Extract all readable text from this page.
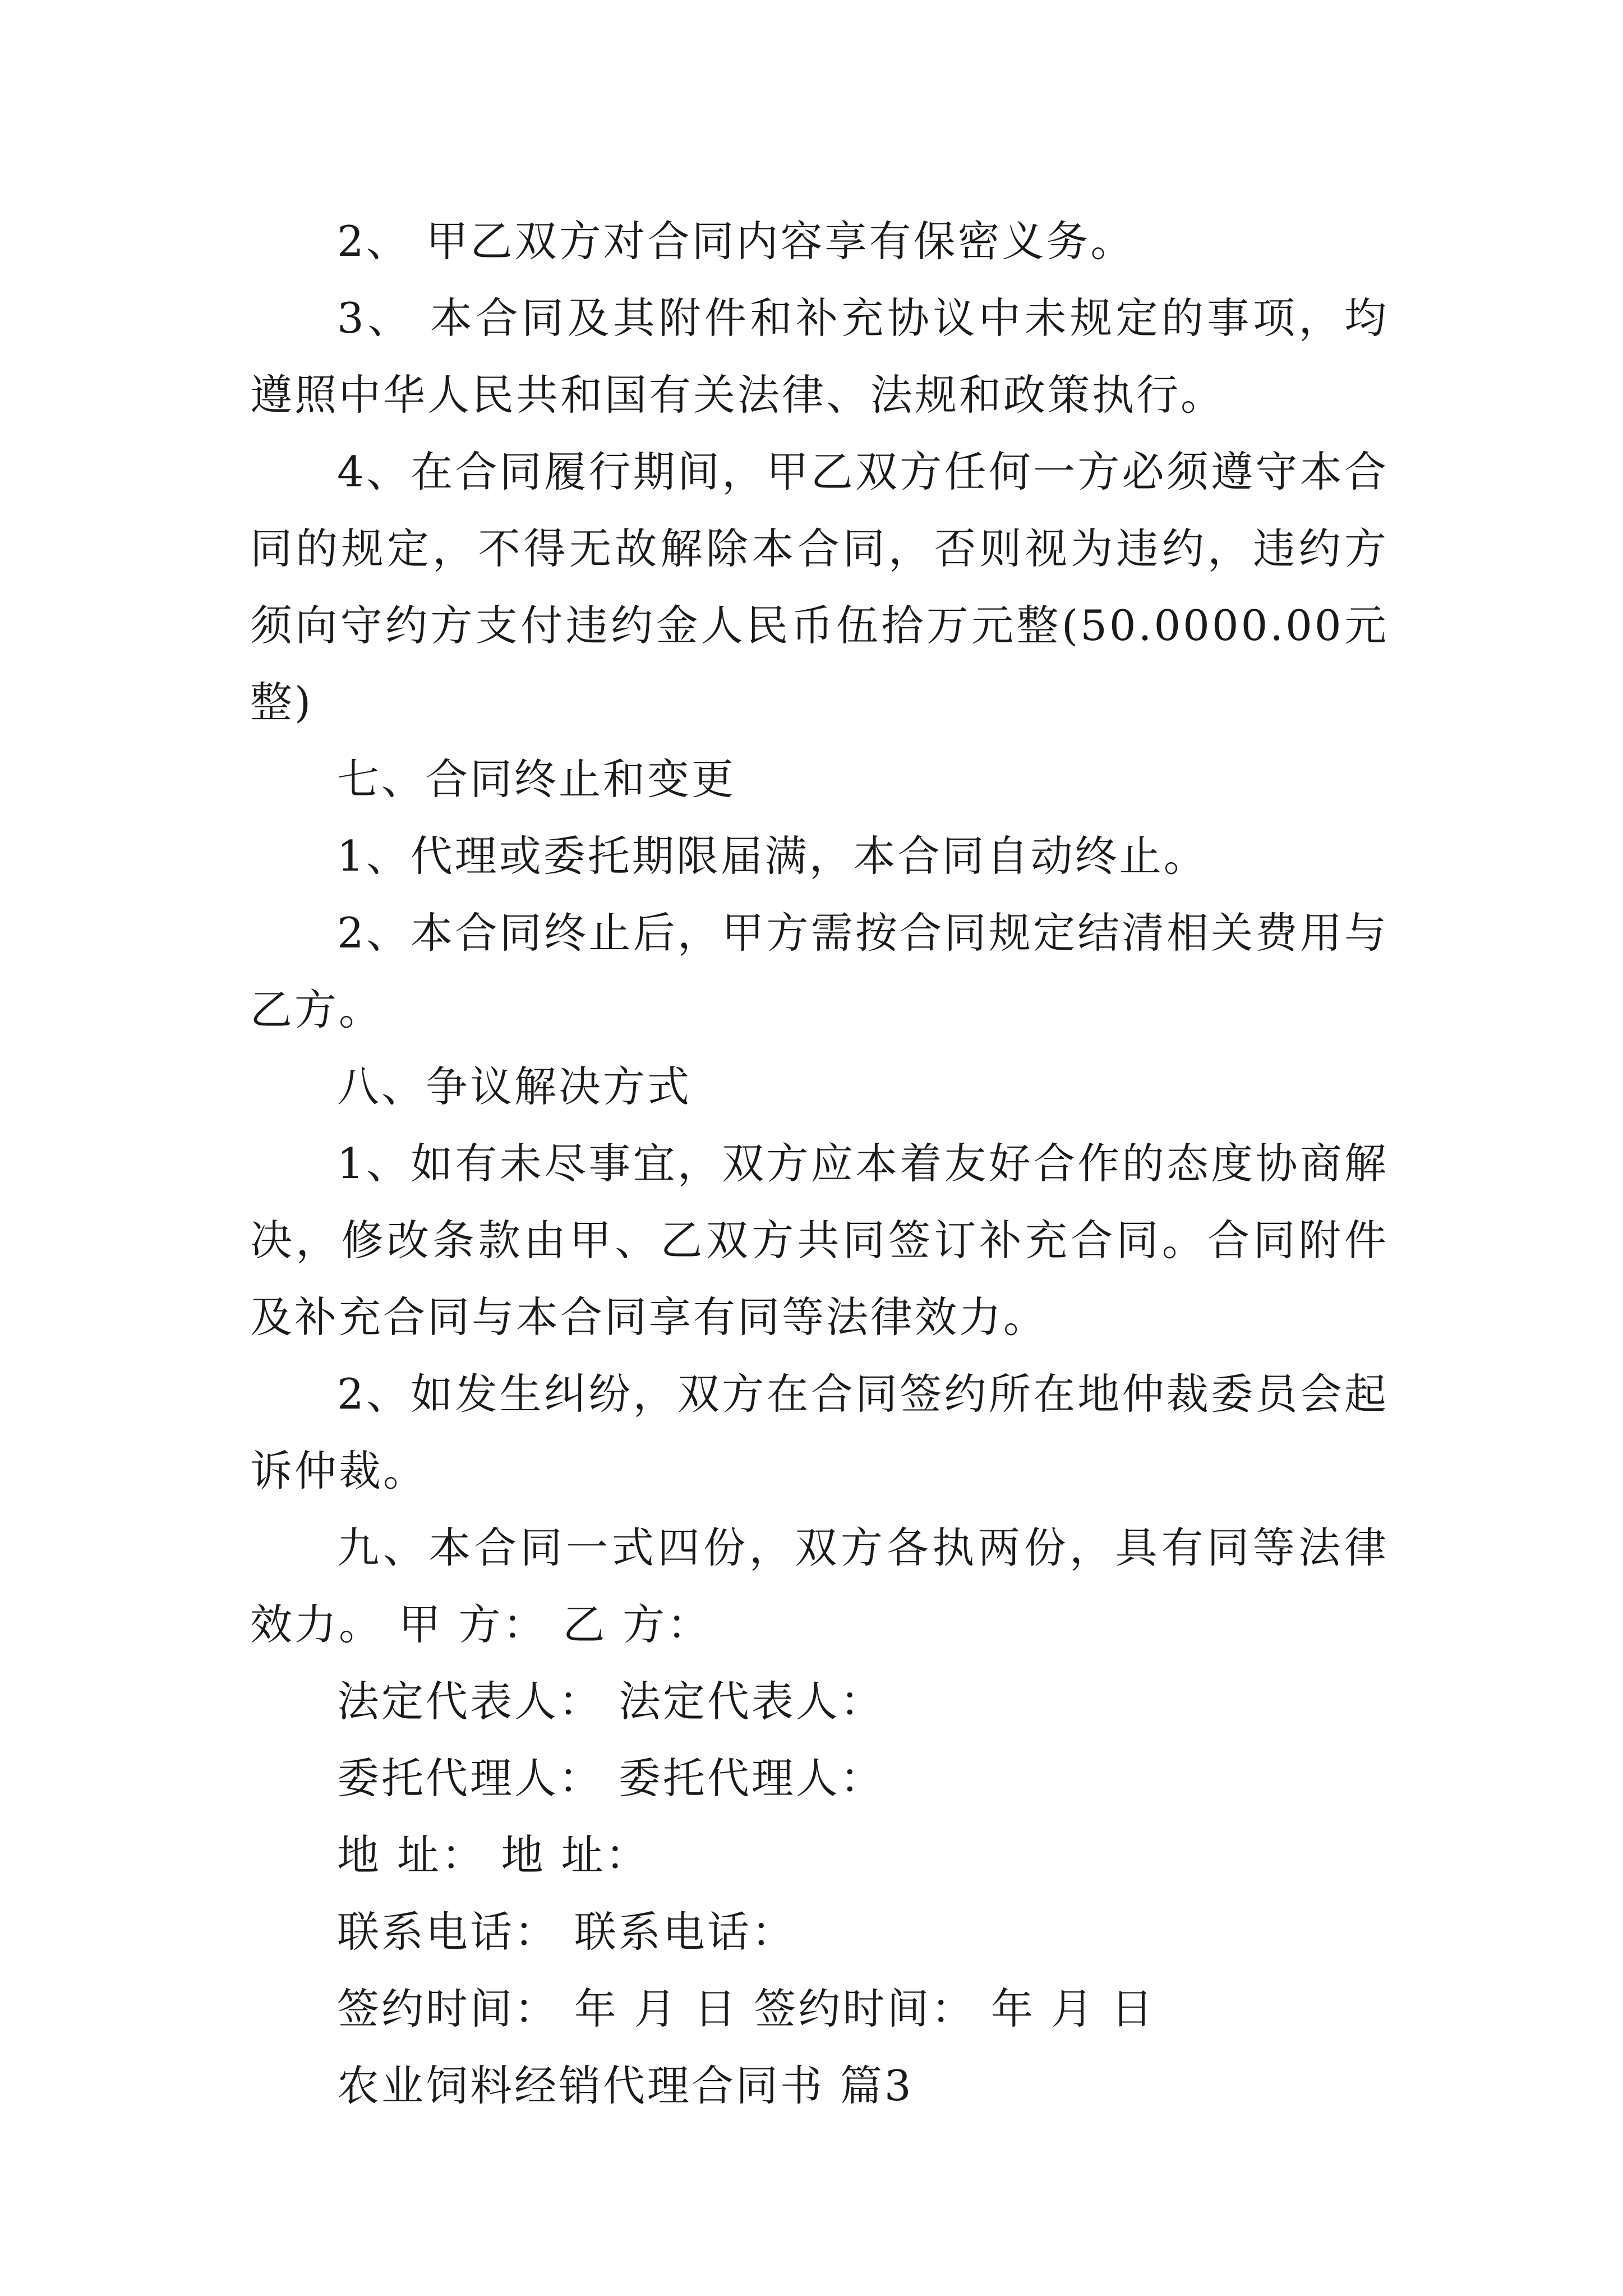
2、 甲乙双方对合同内容享有保密义务。

3、 本合同及其附件和补充协议中未规定的事项，均遵照中华人民共和国有关法律、法规和政策执行。

4、在合同履行期间，甲乙双方任何一方必须遵守本合同的规定，不得无故解除本合同，否则视为违约，违约方须向守约方支付违约金人民币伍拾万元整(50.0000.00元整)

七、合同终止和变更

1、代理或委托期限届满，本合同自动终止。

2、本合同终止后，甲方需按合同规定结清相关费用与乙方。

八、争议解决方式

1、如有未尽事宜，双方应本着友好合作的态度协商解决，修改条款由甲、乙双方共同签订补充合同。合同附件及补充合同与本合同享有同等法律效力。

2、如发生纠纷，双方在合同签约所在地仲裁委员会起诉仲裁。

九、本合同一式四份，双方各执两份，具有同等法律效力。 甲 方： 乙 方：

法定代表人： 法定代表人：

委托代理人： 委托代理人：

地 址： 地 址：

联系电话： 联系电话：

签约时间： 年 月 日 签约时间： 年 月 日

农业饲料经销代理合同书 篇3
